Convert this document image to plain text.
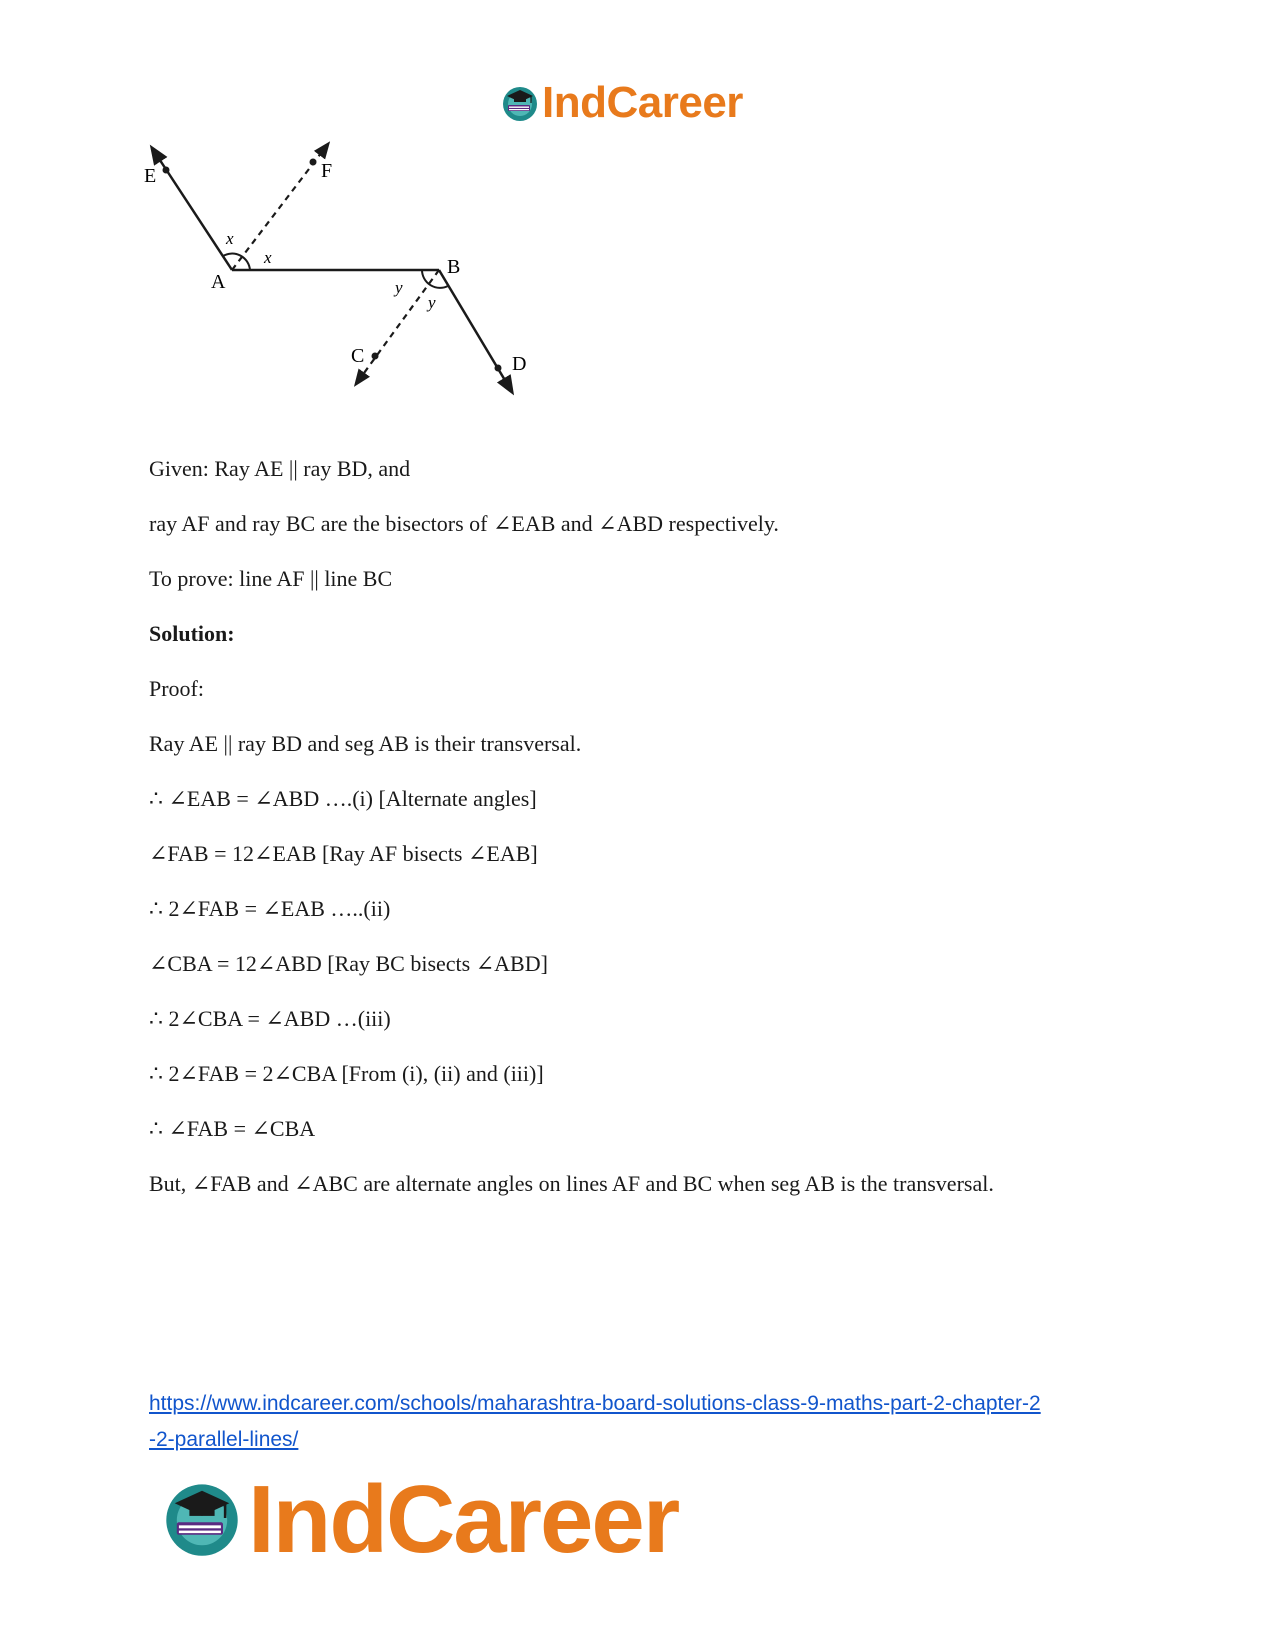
IndCareer
E	F
A
B
C	D
x
x
y
y
Given: Ray AE || ray BD, and
ray AF and ray BC are the bisectors of ∠EAB and ∠ABD respectively.
To prove: line AF || line BC
Solution:
Proof:
Ray AE || ray BD and seg AB is their transversal.
∴ ∠EAB = ∠ABD ….(i) [Alternate angles]
∠FAB = 12∠EAB [Ray AF bisects ∠EAB]
∴ 2∠FAB = ∠EAB …..(ii)
∠CBA = 12∠ABD [Ray BC bisects ∠ABD]
∴ 2∠CBA = ∠ABD …(iii)
∴ 2∠FAB = 2∠CBA [From (i), (ii) and (iii)]
∴ ∠FAB = ∠CBA
But, ∠FAB and ∠ABC are alternate angles on lines AF and BC when seg AB is the transversal.
https://www.indcareer.com/schools/maharashtra-board-solutions-class-9-maths-part-2-chapter-2
-2-parallel-lines/
IndCareer
